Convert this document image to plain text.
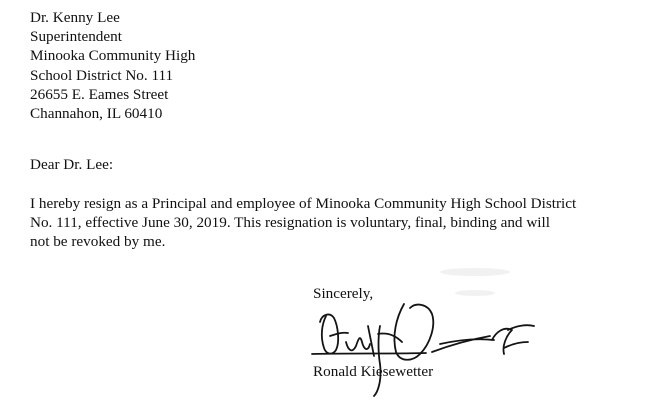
Dr. Kenny Lee
Superintendent
Minooka Community High
School District No. 111
26655 E. Eames Street
Channahon, IL 60410
Dear Dr. Lee:
I hereby resign as a Principal and employee of Minooka Community High School District
No. 111, effective June 30, 2019. This resignation is voluntary, final, binding and will
not be revoked by me.
Sincerely,
Ronald Kiesewetter
